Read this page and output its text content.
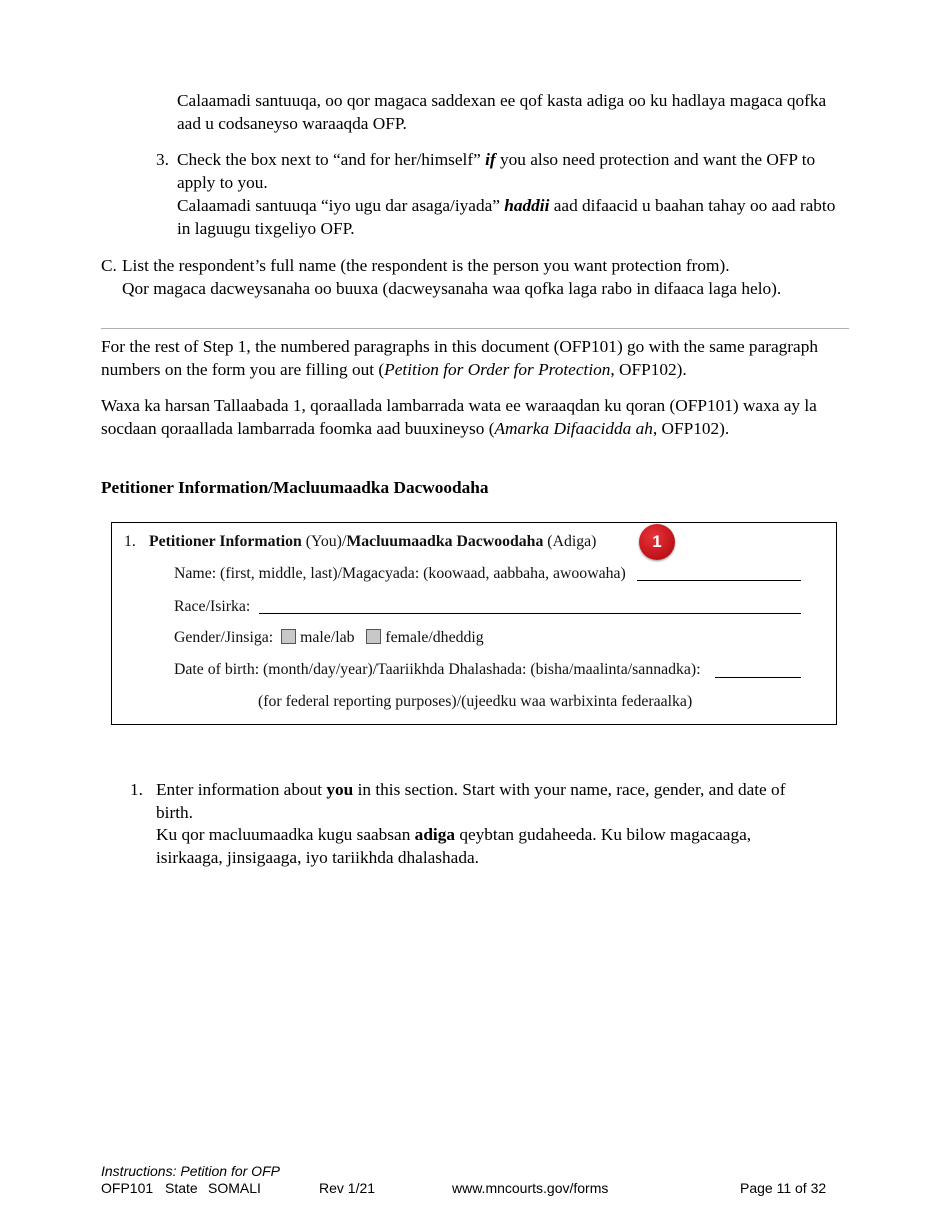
Calaamadi santuuqa, oo qor magaca saddexan ee qof kasta adiga oo ku hadlaya magaca qofka aad u codsaneyso waraaqda OFP.
3. Check the box next to “and for her/himself” if you also need protection and want the OFP to apply to you.
Calaamadi santuuqa “iyo ugu dar asaga/iyada” haddii aad difaacid u baahan tahay oo aad rabto in laguugu tixgeliyo OFP.
C. List the respondent’s full name (the respondent is the person you want protection from).
Qor magaca dacweysanaha oo buuxa (dacweysanaha waa qofka laga rabo in difaaca laga helo).
For the rest of Step 1, the numbered paragraphs in this document (OFP101) go with the same paragraph numbers on the form you are filling out (Petition for Order for Protection, OFP102).
Waxa ka harsan Tallaabada 1, qoraallada lambarrada wata ee waraaqdan ku qoran (OFP101) waxa ay la socdaan qoraallada lambarrada foomka aad buuxineyso (Amarka Difaacidda ah, OFP102).
Petitioner Information/Macluumaadka Dacwoodaha
1. Petitioner Information (You)/Macluumaadka Dacwoodaha (Adiga)	1
Name: (first, middle, last)/Magacyada: (koowaad, aabbaha, awoowaha)
Race/Isirka:
Gender/Jinsiga: male/lab female/dheddig
Date of birth: (month/day/year)/Taariikhda Dhalashada: (bisha/maalinta/sannadka):
(for federal reporting purposes)/(ujeedku waa warbixinta federaalka)
1. Enter information about you in this section. Start with your name, race, gender, and date of birth.
Ku qor macluumaadka kugu saabsan adiga qeybtan gudaheeda. Ku bilow magacaaga, isirkaaga, jinsigaaga, iyo tariikhda dhalashada.
Instructions: Petition for OFP
OFP101 State SOMALI	Rev 1/21	www.mncourts.gov/forms	Page 11 of 32
